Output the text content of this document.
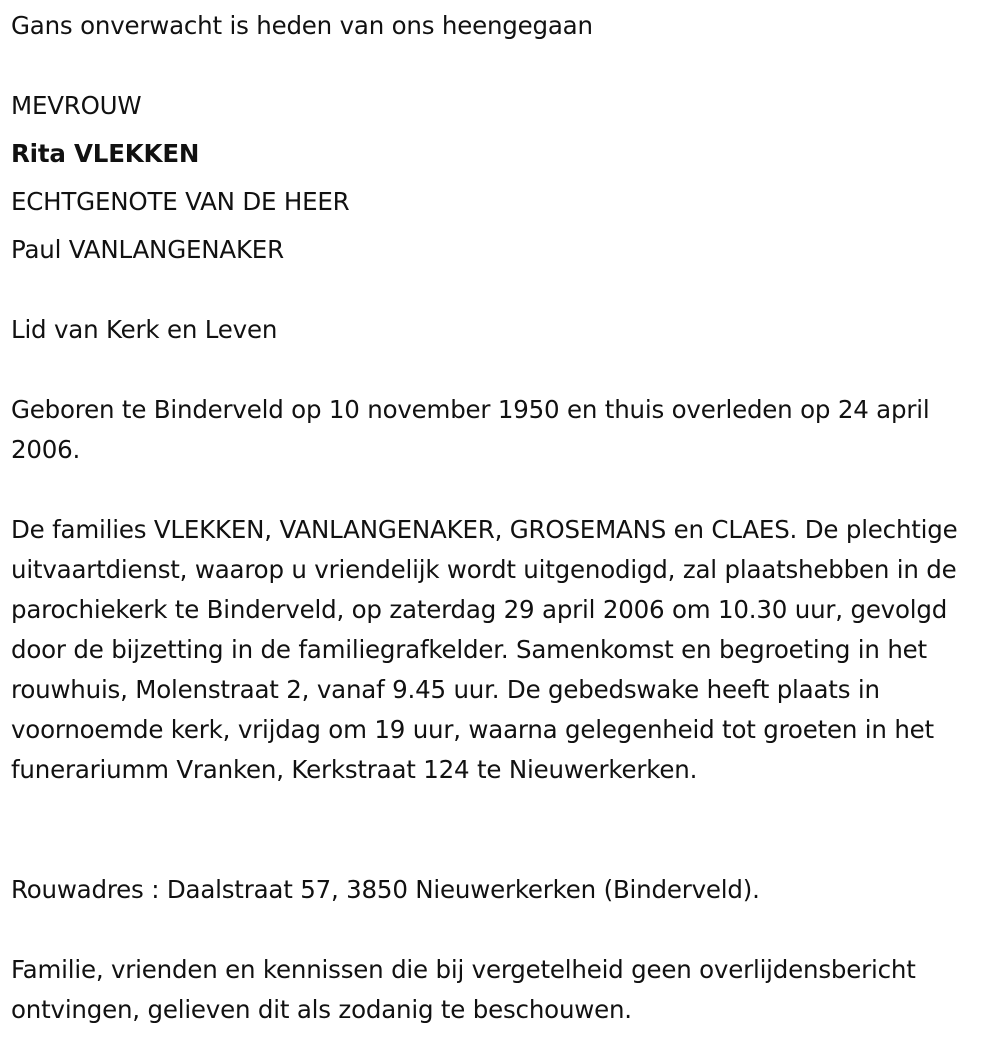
Gans onverwacht is heden van ons heengegaan

MEVROUW

Rita VLEKKEN

ECHTGENOTE VAN DE HEER

Paul VANLANGENAKER

Lid van Kerk en Leven

Geboren te Binderveld op 10 november 1950 en thuis overleden op 24 april 2006.

De families VLEKKEN, VANLANGENAKER, GROSEMANS en CLAES. De plechtige uitvaartdienst, waarop u vriendelijk wordt uitgenodigd, zal plaatshebben in de parochiekerk te Binderveld, op zaterdag 29 april 2006 om 10.30 uur, gevolgd door de bijzetting in de familiegrafkelder. Samenkomst en begroeting in het rouwhuis, Molenstraat 2, vanaf 9.45 uur. De gebedswake heeft plaats in voornoemde kerk, vrijdag om 19 uur, waarna gelegenheid tot groeten in het funerariumm Vranken, Kerkstraat 124 te Nieuwerkerken.

Rouwadres : Daalstraat 57, 3850 Nieuwerkerken (Binderveld).

Familie, vrienden en kennissen die bij vergetelheid geen overlijdensbericht ontvingen, gelieven dit als zodanig te beschouwen.
